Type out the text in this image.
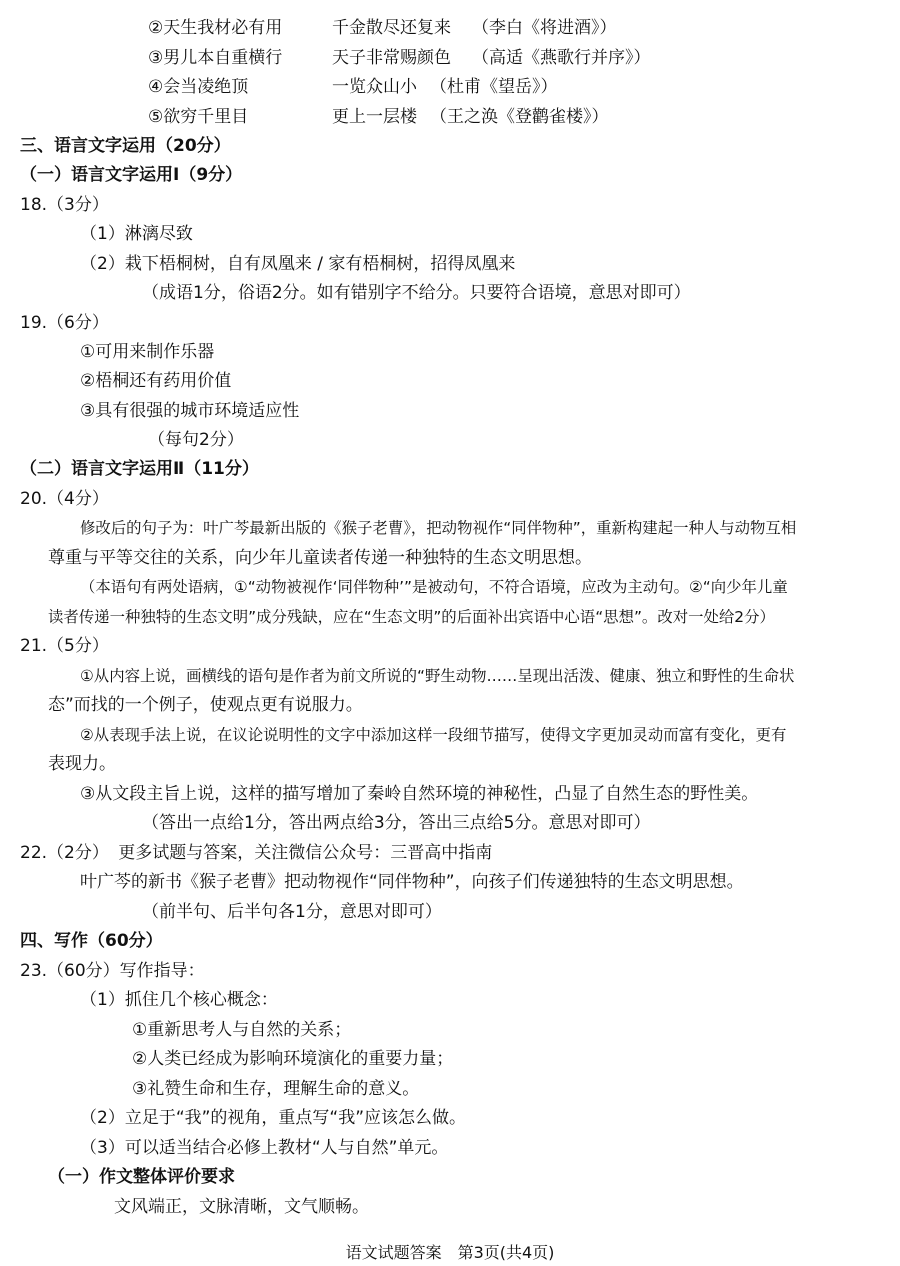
②天生我材必有用	千金散尽还复来 （李白《将进酒》）
③男儿本自重横行	天子非常赐颜色 （高适《燕歌行并序》）
④会当凌绝顶	一览众山小 （杜甫《望岳》）
⑤欲穷千里目	更上一层楼 （王之涣《登鹳雀楼》）
三、语言文字运用（20分）
（一）语言文字运用Ⅰ（9分）
18.（3分）
（1）淋漓尽致
（2）栽下梧桐树，自有凤凰来 / 家有梧桐树，招得凤凰来
（成语1分，俗语2分。如有错别字不给分。只要符合语境，意思对即可）
19.（6分）
①可用来制作乐器
②梧桐还有药用价值
③具有很强的城市环境适应性
（每句2分）
（二）语言文字运用Ⅱ（11分）
20.（4分）
修改后的句子为：叶广芩最新出版的《猴子老曹》，把动物视作“同伴物种”，重新构建起一种人与动物互相
尊重与平等交往的关系，向少年儿童读者传递一种独特的生态文明思想。
（本语句有两处语病，①“动物被视作‘同伴物种’”是被动句，不符合语境，应改为主动句。②“向少年儿童
读者传递一种独特的生态文明”成分残缺，应在“生态文明”的后面补出宾语中心语“思想”。改对一处给2分）
21.（5分）
①从内容上说，画横线的语句是作者为前文所说的“野生动物……呈现出活泼、健康、独立和野性的生命状
态”而找的一个例子，使观点更有说服力。
②从表现手法上说，在议论说明性的文字中添加这样一段细节描写，使得文字更加灵动而富有变化，更有
表现力。
③从文段主旨上说，这样的描写增加了秦岭自然环境的神秘性，凸显了自然生态的野性美。
（答出一点给1分，答出两点给3分，答出三点给5分。意思对即可）
22.（2分） 更多试题与答案，关注微信公众号：三晋高中指南
叶广芩的新书《猴子老曹》把动物视作“同伴物种”，向孩子们传递独特的生态文明思想。
（前半句、后半句各1分，意思对即可）
四、写作（60分）
23.（60分）写作指导：
（1）抓住几个核心概念：
①重新思考人与自然的关系；
②人类已经成为影响环境演化的重要力量；
③礼赞生命和生存，理解生命的意义。
（2）立足于“我”的视角，重点写“我”应该怎么做。
（3）可以适当结合必修上教材“人与自然”单元。
（一）作文整体评价要求
文风端正，文脉清晰，文气顺畅。
语文试题答案　第3页(共4页)
